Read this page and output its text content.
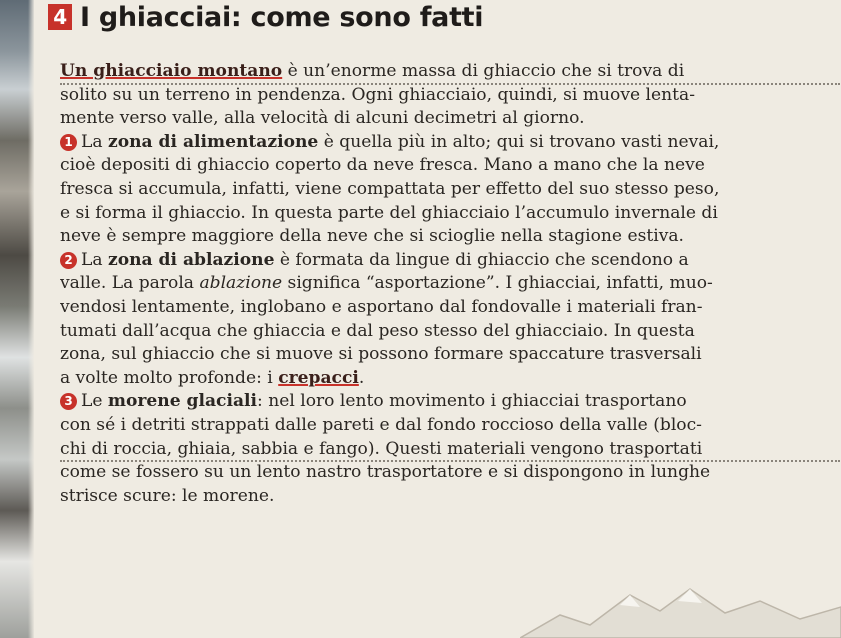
4 I ghiacciai: come sono fatti

Un ghiacciaio montano è un’enorme massa di ghiaccio che si trova di
solito su un terreno in pendenza. Ogni ghiacciaio, quindi, si muove lenta-
mente verso valle, alla velocità di alcuni decimetri al giorno.

1 La zona di alimentazione è quella più in alto; qui si trovano vasti nevai,
cioè depositi di ghiaccio coperto da neve fresca. Mano a mano che la neve
fresca si accumula, infatti, viene compattata per effetto del suo stesso peso,
e si forma il ghiaccio. In questa parte del ghiacciaio l’accumulo invernale di
neve è sempre maggiore della neve che si scioglie nella stagione estiva.

2 La zona di ablazione è formata da lingue di ghiaccio che scendono a
valle. La parola ablazione significa “asportazione”. I ghiacciai, infatti, muo-
vendosi lentamente, inglobano e asportano dal fondovalle i materiali fran-
tumati dall’acqua che ghiaccia e dal peso stesso del ghiacciaio. In questa
zona, sul ghiaccio che si muove si possono formare spaccature trasversali
a volte molto profonde: i crepacci.

3 Le morene glaciali: nel loro lento movimento i ghiacciai trasportano
con sé i detriti strappati dalle pareti e dal fondo roccioso della valle (bloc-
chi di roccia, ghiaia, sabbia e fango). Questi materiali vengono trasportati
come se fossero su un lento nastro trasportatore e si dispongono in lunghe
strisce scure: le morene.
